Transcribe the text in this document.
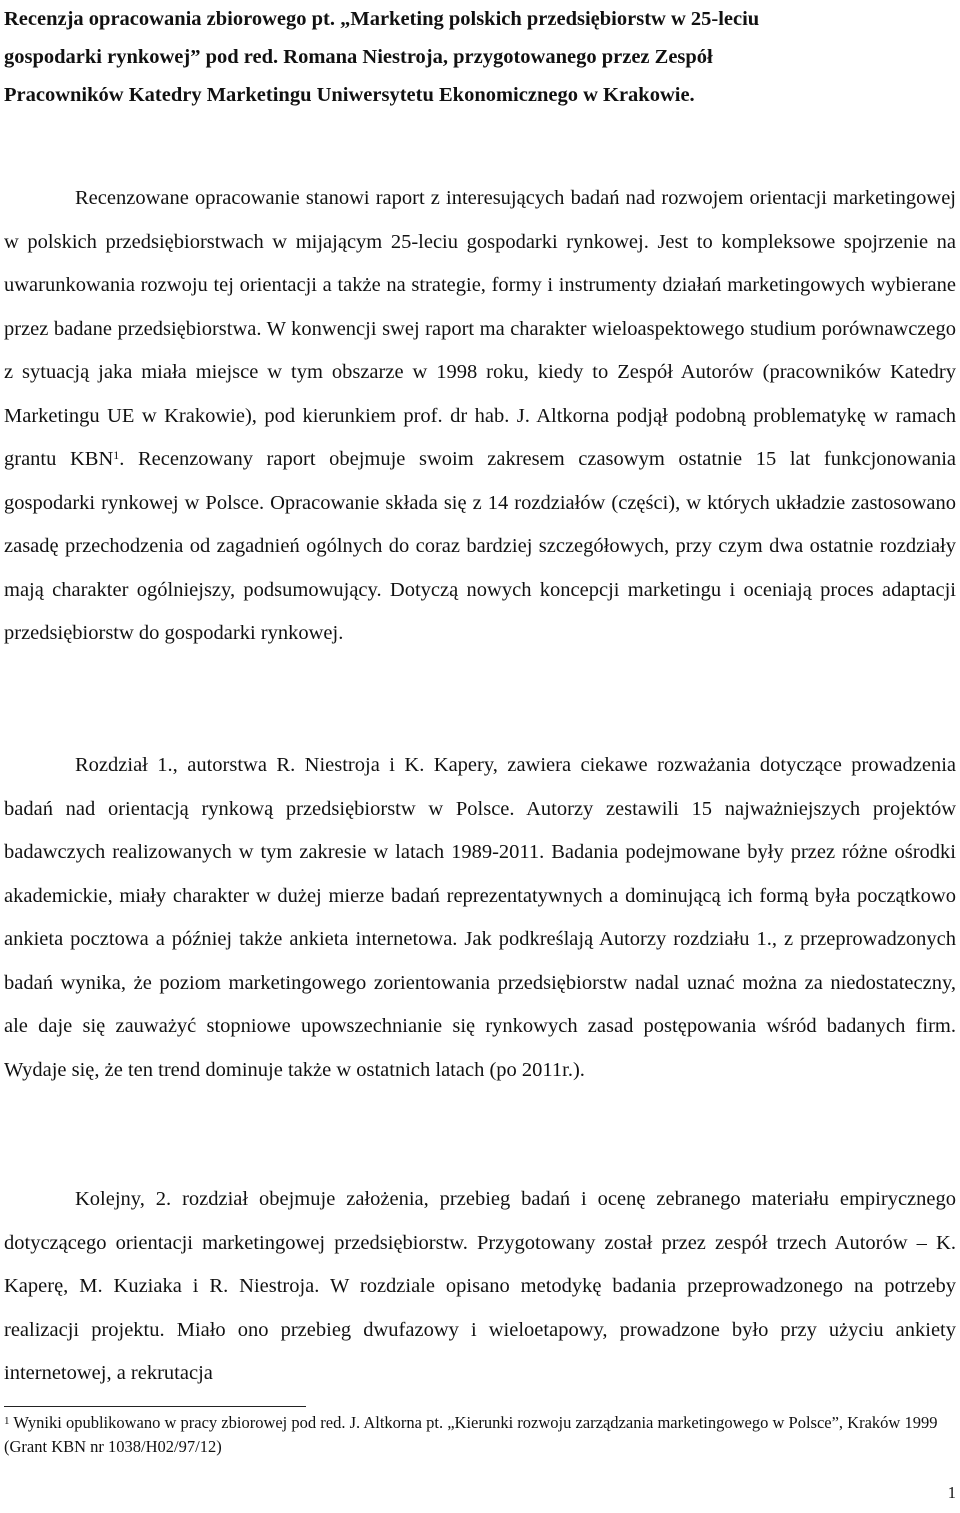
Recenzja opracowania zbiorowego pt. „Marketing polskich przedsiębiorstw w 25-leciu
gospodarki rynkowej” pod red. Romana Niestroja, przygotowanego przez Zespół
Pracowników Katedry Marketingu Uniwersytetu Ekonomicznego w Krakowie.

Recenzowane opracowanie stanowi raport z interesujących badań nad rozwojem orientacji marketingowej w polskich przedsiębiorstwach w mijającym 25-leciu gospodarki rynkowej. Jest to kompleksowe spojrzenie na uwarunkowania rozwoju tej orientacji a także na strategie, formy i instrumenty działań marketingowych wybierane przez badane przedsiębiorstwa. W konwencji swej raport ma charakter wieloaspektowego studium porównawczego z sytuacją jaka miała miejsce w tym obszarze w 1998 roku, kiedy to Zespół Autorów (pracowników Katedry Marketingu UE w Krakowie), pod kierunkiem prof. dr hab. J. Altkorna podjął podobną problematykę w ramach grantu KBN$^1$. Recenzowany raport obejmuje swoim zakresem czasowym ostatnie 15 lat funkcjonowania gospodarki rynkowej w Polsce. Opracowanie składa się z 14 rozdziałów (części), w których układzie zastosowano zasadę przechodzenia od zagadnień ogólnych do coraz bardziej szczegółowych, przy czym dwa ostatnie rozdziały mają charakter ogólniejszy, podsumowujący. Dotyczą nowych koncepcji marketingu i oceniają proces adaptacji przedsiębiorstw do gospodarki rynkowej.

Rozdział 1., autorstwa R. Niestroja i K. Kapery, zawiera ciekawe rozważania dotyczące prowadzenia badań nad orientacją rynkową przedsiębiorstw w Polsce. Autorzy zestawili 15 najważniejszych projektów badawczych realizowanych w tym zakresie w latach 1989-2011. Badania podejmowane były przez różne ośrodki akademickie, miały charakter w dużej mierze badań reprezentatywnych a dominującą ich formą była początkowo ankieta pocztowa a później także ankieta internetowa. Jak podkreślają Autorzy rozdziału 1., z przeprowadzonych badań wynika, że poziom marketingowego zorientowania przedsiębiorstw nadal uznać można za niedostateczny, ale daje się zauważyć stopniowe upowszechnianie się rynkowych zasad postępowania wśród badanych firm. Wydaje się, że ten trend dominuje także w ostatnich latach (po 2011r.).

Kolejny, 2. rozdział obejmuje założenia, przebieg badań i ocenę zebranego materiału empirycznego dotyczącego orientacji marketingowej przedsiębiorstw. Przygotowany został przez zespół trzech Autorów – K. Kaperę, M. Kuziaka i R. Niestroja. W rozdziale opisano metodykę badania przeprowadzonego na potrzeby realizacji projektu. Miało ono przebieg dwufazowy i wieloetapowy, prowadzone było przy użyciu ankiety internetowej, a rekrutacja

$^1$ Wyniki opublikowano w pracy zbiorowej pod red. J. Altkorna pt. „Kierunki rozwoju zarządzania marketingowego w Polsce”, Kraków 1999 (Grant KBN nr 1038/H02/97/12)

1
